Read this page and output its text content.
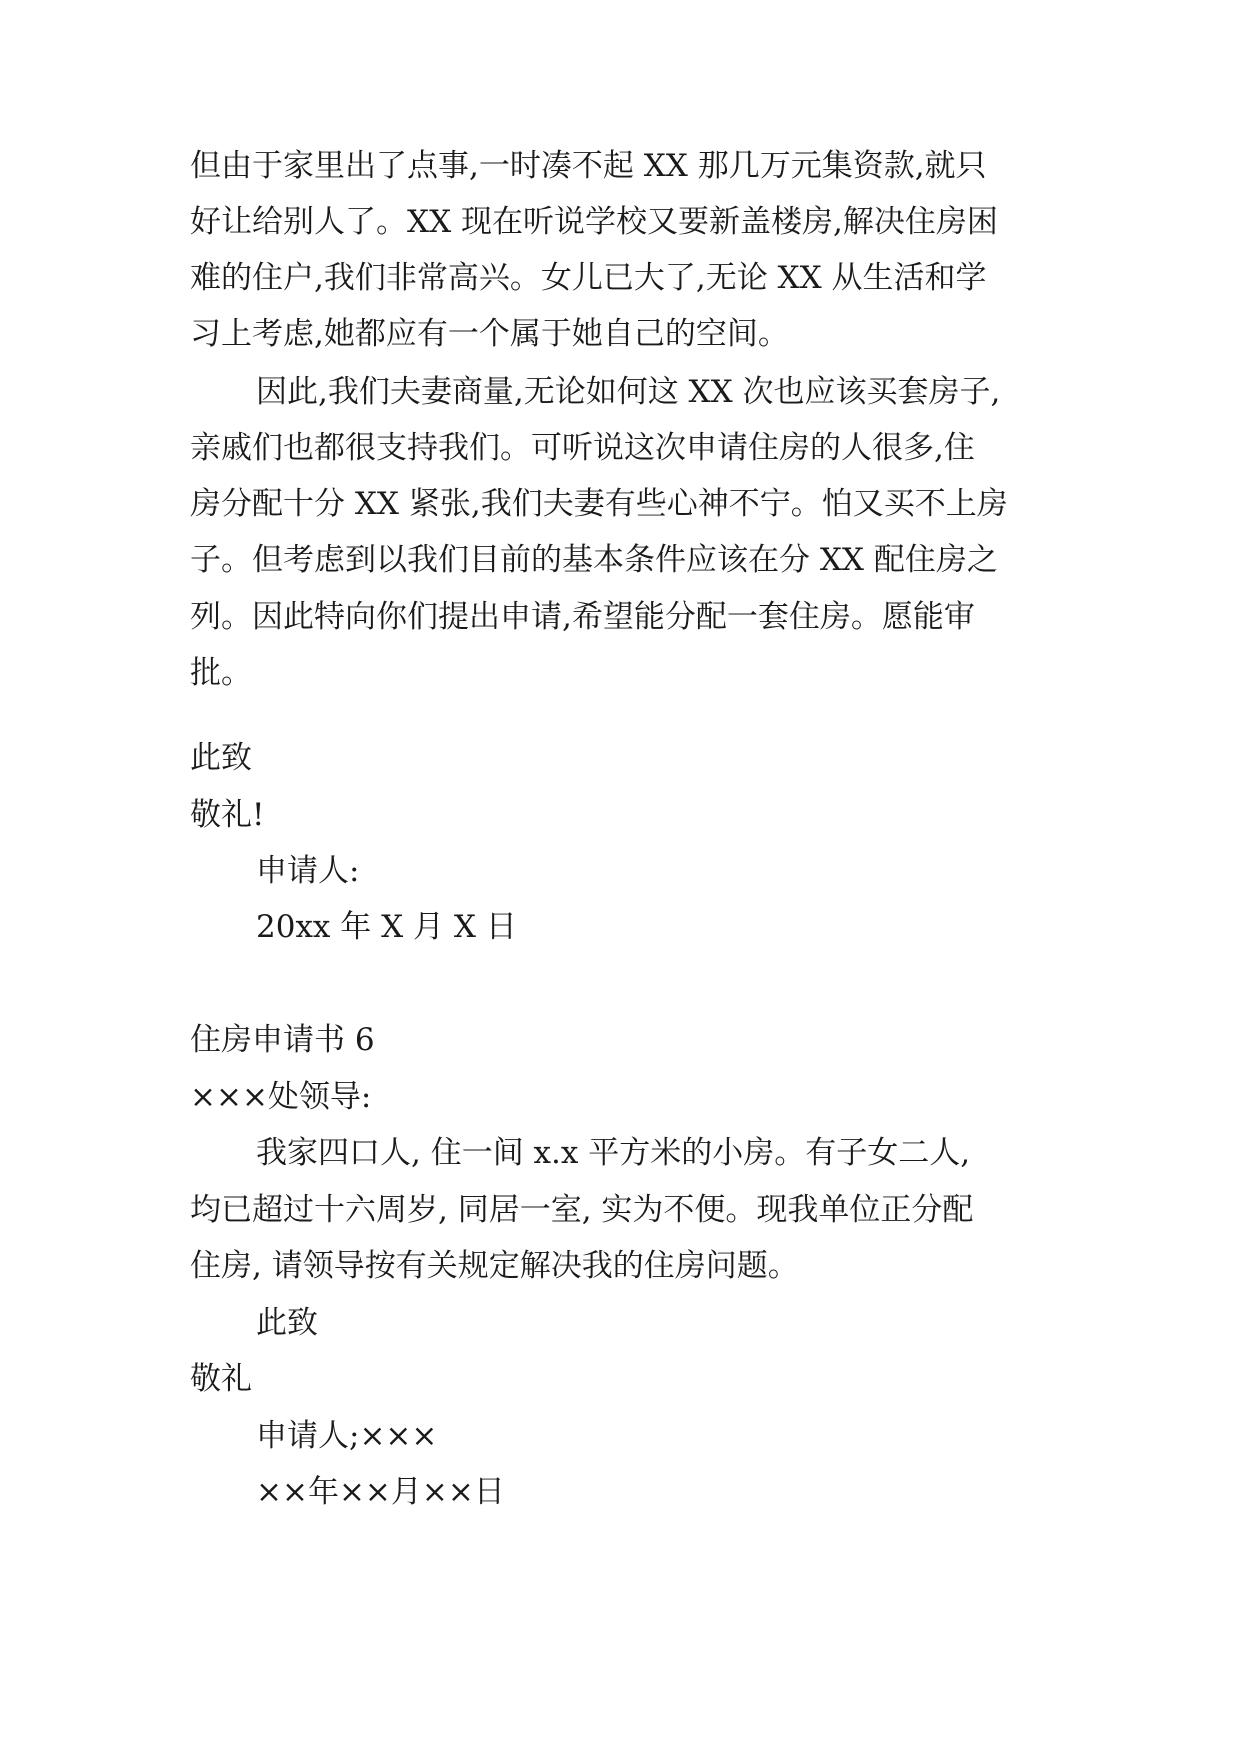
但由于家里出了点事,一时凑不起 XX 那几万元集资款,就只

好让给别人了。XX 现在听说学校又要新盖楼房,解决住房困

难的住户,我们非常高兴。女儿已大了,无论 XX 从生活和学

习上考虑,她都应有一个属于她自己的空间。

因此,我们夫妻商量,无论如何这 XX 次也应该买套房子,

亲戚们也都很支持我们。可听说这次申请住房的人很多,住

房分配十分 XX 紧张,我们夫妻有些心神不宁。怕又买不上房

子。但考虑到以我们目前的基本条件应该在分 XX 配住房之

列。因此特向你们提出申请,希望能分配一套住房。愿能审

批。

此致

敬礼!

申请人:

20xx 年 X 月 X 日

住房申请书 6

×××处领导:

我家四口人, 住一间 x.x 平方米的小房。有子女二人,

均已超过十六周岁, 同居一室, 实为不便。现我单位正分配

住房, 请领导按有关规定解决我的住房问题。

此致

敬礼

申请人;×××

××年××月××日
